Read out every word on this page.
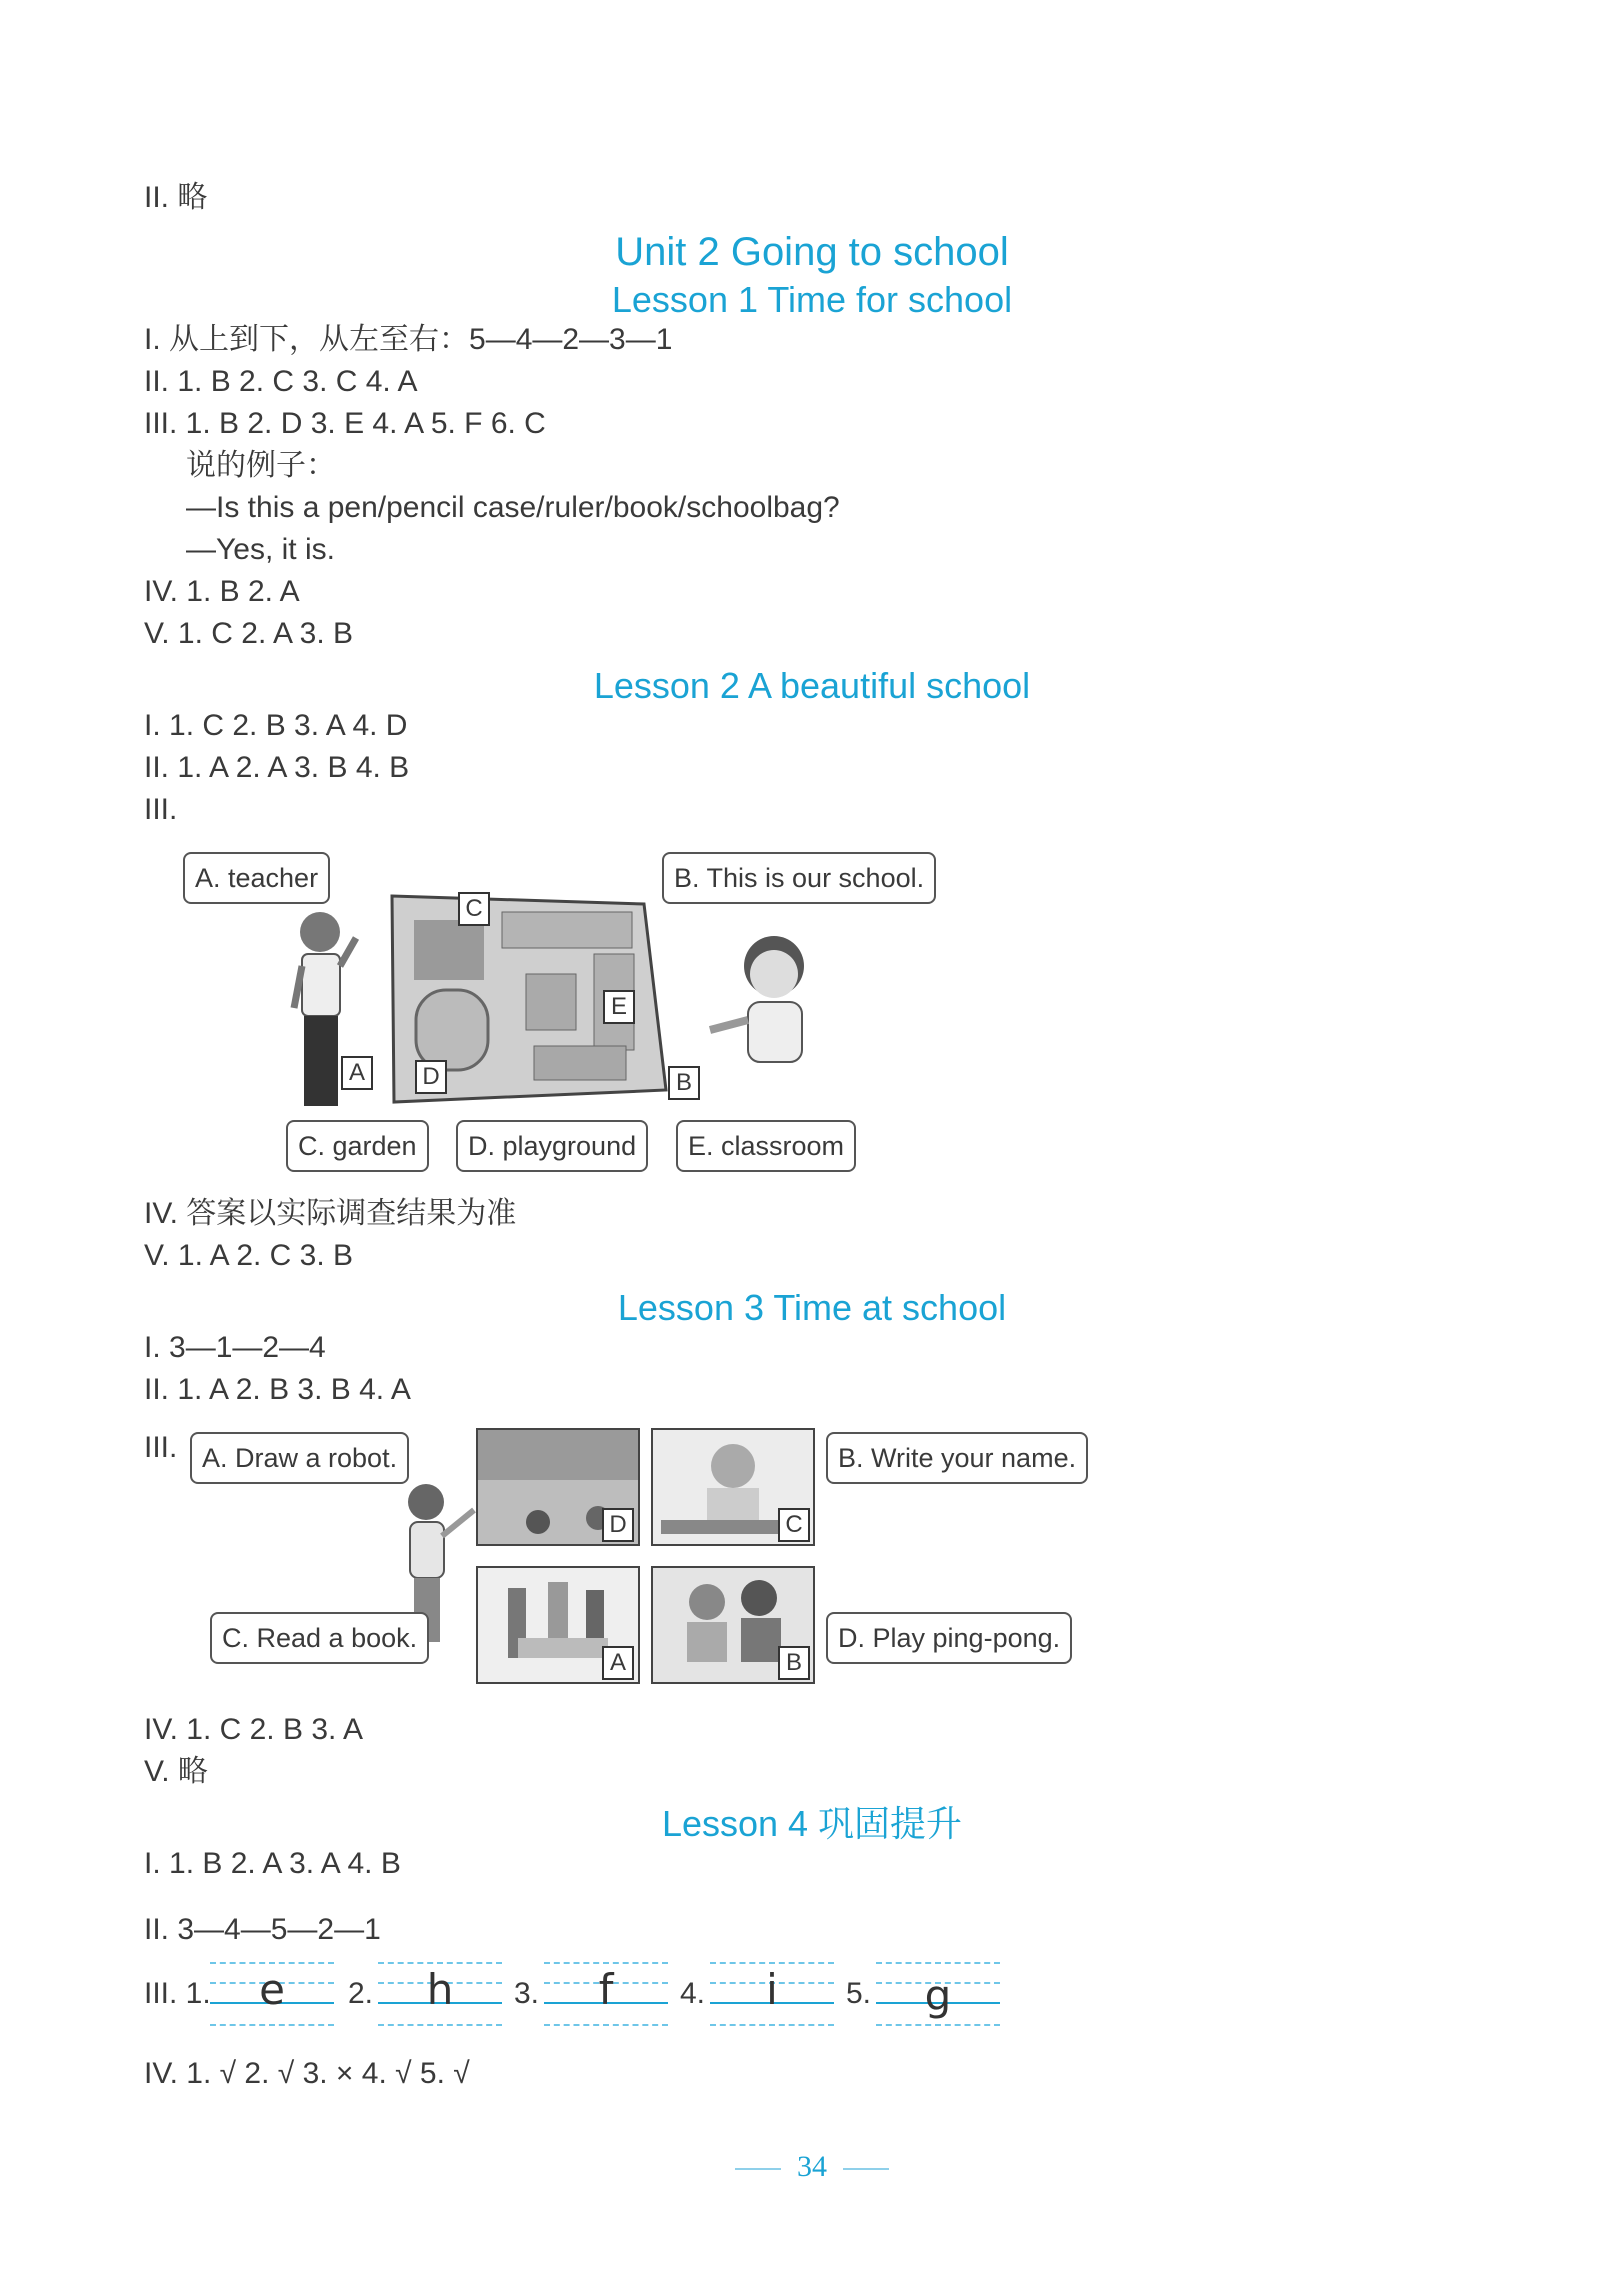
II. 略
Unit 2 Going to school
Lesson 1 Time for school
I. 从上到下，从左至右：5—4—2—3—1
II. 1. B 2. C 3. C 4. A
III. 1. B 2. D 3. E 4. A 5. F 6. C
说的例子：
—Is this a pen/pencil case/ruler/book/schoolbag?
—Yes, it is.
IV. 1. B 2. A
V. 1. C 2. A 3. B
Lesson 2 A beautiful school
I. 1. C 2. B 3. A 4. D
II. 1. A 2. A 3. B 4. B
III.
A. teacher	B. This is our school.
C
E
A	D	B
C. garden	D. playground	E. classroom
IV. 答案以实际调查结果为准
V. 1. A 2. C 3. B
Lesson 3 Time at school
I. 3—1—2—4
II. 1. A 2. B 3. B 4. A
III. A. Draw a robot.	B. Write your name.
D	C
A	B
C. Read a book.	D. Play ping-pong.
IV. 1. C 2. B 3. A
V. 略
Lesson 4 巩固提升
I. 1. B 2. A 3. A 4. B
II. 3—4—5—2—1
III. 1.	e	2.	h	3.	f	4.	i	5.	g
IV. 1. √ 2. √ 3. × 4. √ 5. √
34
